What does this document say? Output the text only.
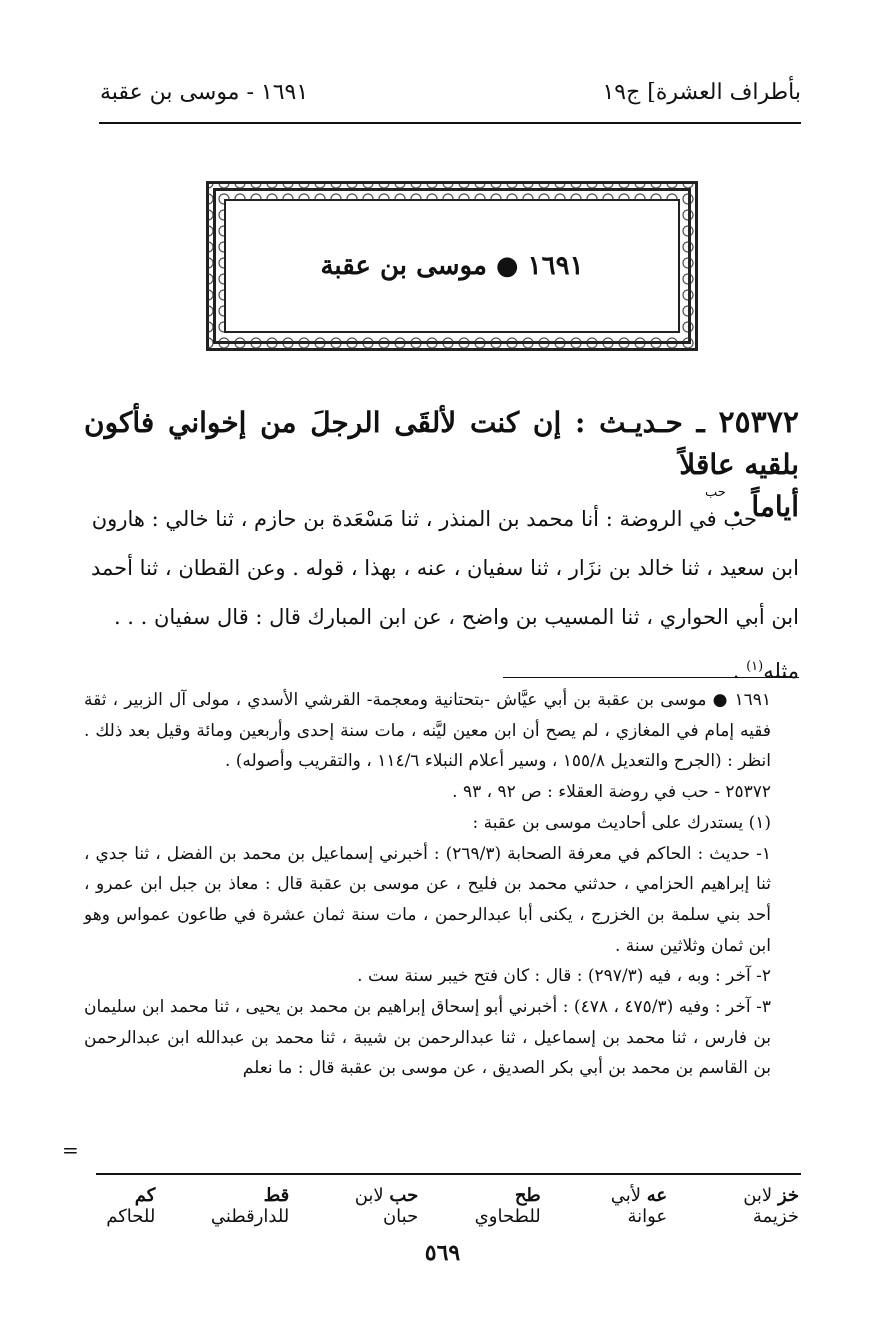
بأطراف العشرة] ج١٩
١٦٩١ - موسى بن عقبة
١٦٩١ ● موسى بن عقبة
٢٥٣٧٢ ـ حـديـث : إن كنت لألقَى الرجلَ من إخواني فأكون بلقيه عاقلاً
أياماً .$^{حب}$

حب في الروضة : أنا محمد بن المنذر ، ثنا مَسْعَدة بن حازم ، ثنا خالي : هارون

ابن سعيد ، ثنا خالد بن نزَار ، ثنا سفيان ، عنه ، بهذا ، قوله . وعن القطان ، ثنا أحمد

ابن أبي الحواري ، ثنا المسيب بن واضح ، عن ابن المبارك قال : قال سفيان . . .

مثله$^{(١)}$ .

١٦٩١ ● موسى بن عقبة بن أبي عيَّاش -بتحتانية ومعجمة- القرشي الأسدي ، مولى آل الزبير ، ثقة فقيه إمام في المغازي ، لم يصح أن ابن معين ليَّنه ، مات سنة إحدى وأربعين ومائة وقيل بعد ذلك . انظر : (الجرح والتعديل ١٥٥/٨ ، وسير أعلام النبلاء ١١٤/٦ ، والتقريب وأصوله) .

٢٥٣٧٢ - حب في روضة العقلاء : ص ٩٢ ، ٩٣ .

(١) يستدرك على أحاديث موسى بن عقبة :

١- حديث : الحاكم في معرفة الصحابة (٢٦٩/٣) : أخبرني إسماعيل بن محمد بن الفضل ، ثنا جدي ، ثنا إبراهيم الحزامي ، حدثني محمد بن فليح ، عن موسى بن عقبة قال : معاذ بن جبل ابن عمرو ، أحد بني سلمة بن الخزرج ، يكنى أبا عبدالرحمن ، مات سنة ثمان عشرة في طاعون عمواس وهو ابن ثمان وثلاثين سنة .

٢- آخر : وبه ، فيه (٢٩٧/٣) : قال : كان فتح خيبر سنة ست .

٣- آخر : وفيه (٤٧٥/٣ ، ٤٧٨) : أخبرني أبو إسحاق إبراهيم بن محمد بن يحيى ، ثنا محمد ابن سليمان بن فارس ، ثنا محمد بن إسماعيل ، ثنا عبدالرحمن بن شيبة ، ثنا محمد بن عبدالله ابن عبدالرحمن بن القاسم بن محمد بن أبي بكر الصديق ، عن موسى بن عقبة قال : ما نعلم

=
خز لابن خزيمة
عه لأبي عوانة
طح للطحاوي
حب لابن حبان
قط للدارقطني
كم للحاكم
٥٦٩
